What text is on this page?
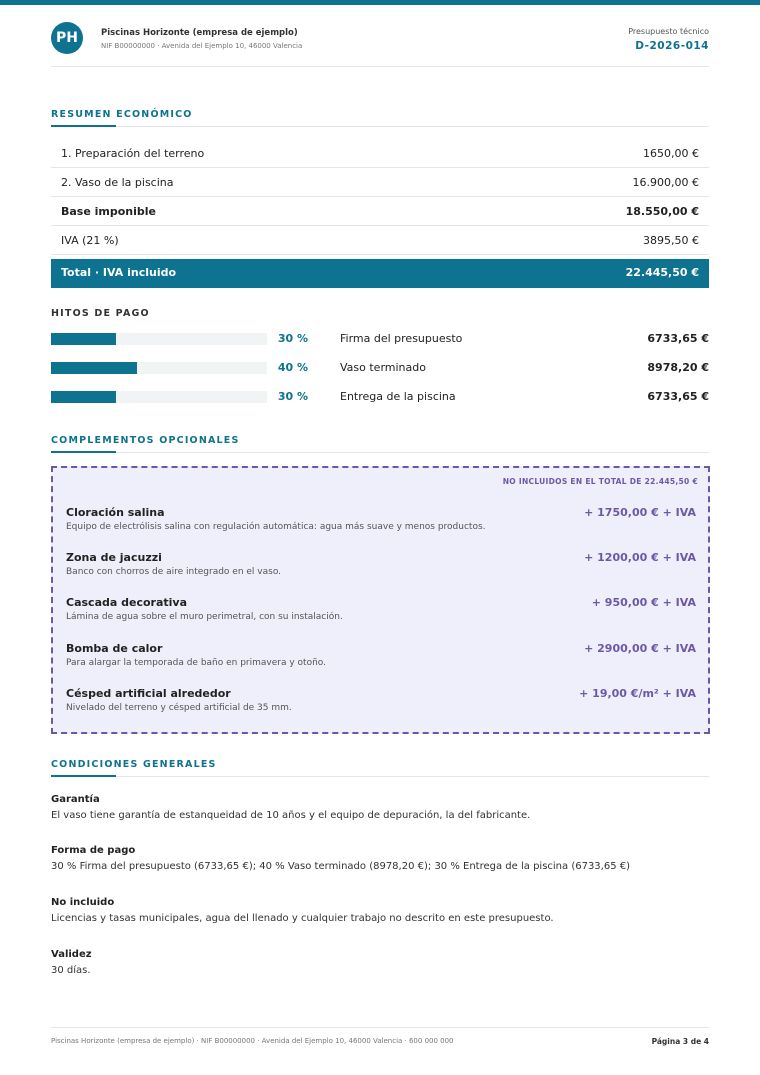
PH	Piscinas Horizonte (empresa de ejemplo)
NIF B00000000 · Avenida del Ejemplo 10, 46000 Valencia
Presupuesto técnico
D-2026-014
RESUMEN ECONÓMICO
1. Preparación del terreno	1650,00 €
2. Vaso de la piscina	16.900,00 €
Base imponible	18.550,00 €
IVA (21 %)	3895,50 €
Total · IVA incluido	22.445,50 €
HITOS DE PAGO
30 %	Firma del presupuesto	6733,65 €
40 %	Vaso terminado	8978,20 €
30 %	Entrega de la piscina	6733,65 €
COMPLEMENTOS OPCIONALES
NO INCLUIDOS EN EL TOTAL DE 22.445,50 €
Cloración salina
Equipo de electrólisis salina con regulación automática: agua más suave y menos productos.
+ 1750,00 € + IVA
Zona de jacuzzi
Banco con chorros de aire integrado en el vaso.
+ 1200,00 € + IVA
Cascada decorativa
Lámina de agua sobre el muro perimetral, con su instalación.
+ 950,00 € + IVA
Bomba de calor
Para alargar la temporada de baño en primavera y otoño.
+ 2900,00 € + IVA
Césped artificial alrededor
Nivelado del terreno y césped artificial de 35 mm.
+ 19,00 €/m² + IVA
CONDICIONES GENERALES
Garantía
El vaso tiene garantía de estanqueidad de 10 años y el equipo de depuración, la del fabricante.
Forma de pago
30 % Firma del presupuesto (6733,65 €); 40 % Vaso terminado (8978,20 €); 30 % Entrega de la piscina (6733,65 €)
No incluido
Licencias y tasas municipales, agua del llenado y cualquier trabajo no descrito en este presupuesto.
Validez
30 días.
Piscinas Horizonte (empresa de ejemplo) · NIF B00000000 · Avenida del Ejemplo 10, 46000 Valencia · 600 000 000	Página 3 de 4
